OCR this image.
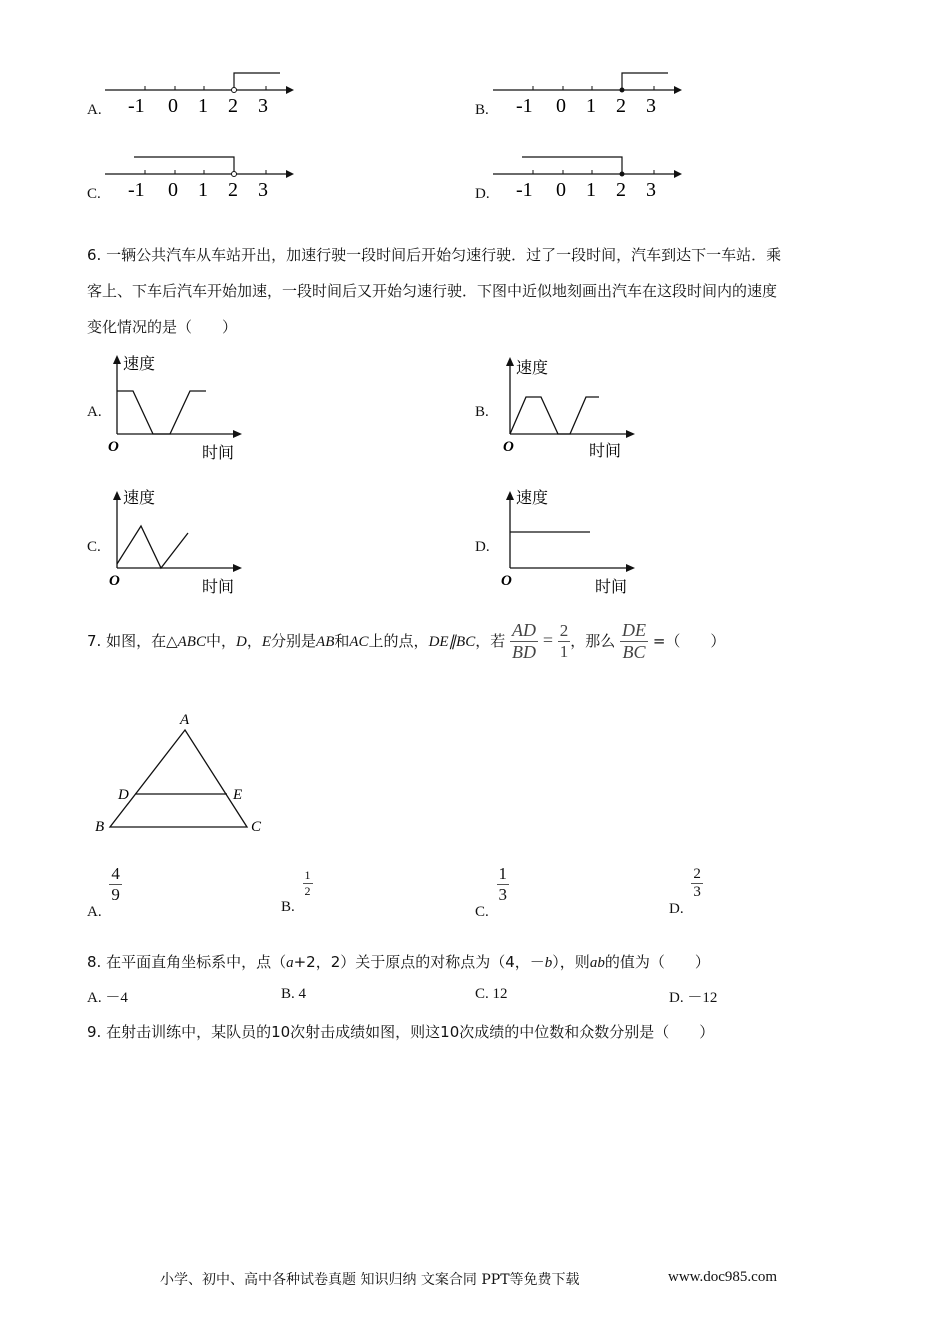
-1 0 1 2 3
A.	-1 0 1 2 3
B.
-1 0 1 2 3
C.	-1 0 1 2 3
D.
6. 一辆公共汽车从车站开出，加速行驶一段时间后开始匀速行驶．过了一段时间，汽车到达下一车站．乘
客上、下车后汽车开始加速，一段时间后又开始匀速行驶．下图中近似地刻画出汽车在这段时间内的速度
变化情况的是（　　）
速度
时间
O
A.
速度
时间
O
B.
速度
时间
O
C.
速度
时间
O
D.
7. 如图，在△ABC中，D，E分别是AB和AC上的点，DE∥BC，若 $\frac{AD}{BD} = \frac{2}{1}$ ，那么 $\frac{DE}{BC}$ =（　　）
A
D	E
B	C
A.
$\frac{4}{9}$
B.
$\frac{1}{2}$
C.
$\frac{1}{3}$
D.
$\frac{2}{3}$
8. 在平面直角坐标系中，点（a+2，2）关于原点的对称点为（4，－b），则ab的值为（　　）
A. －4	B. 4	C. 12	D. －12
9. 在射击训练中，某队员的10次射击成绩如图，则这10次成绩的中位数和众数分别是（　　）
小学、初中、高中各种试卷真题 知识归纳 文案合同 PPT等免费下载	www.doc985.com
